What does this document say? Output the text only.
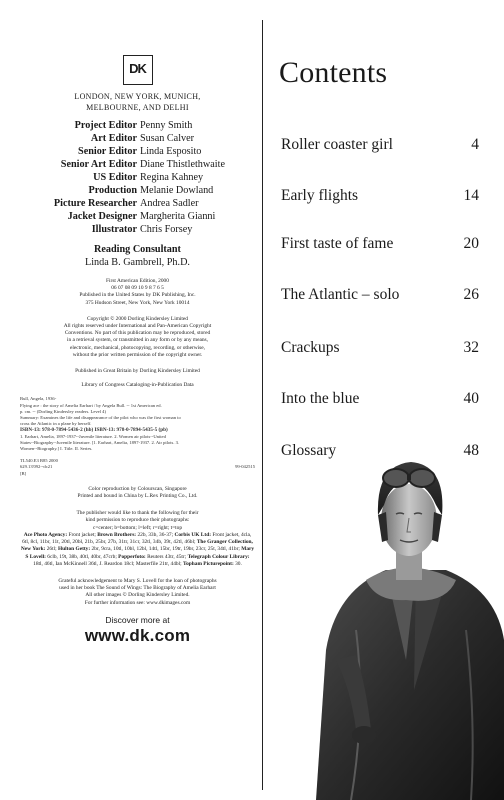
DK
LONDON, NEW YORK, MUNICH,
MELBOURNE, AND DELHI
Project Editor Penny Smith
Art Editor Susan Calver
Senior Editor Linda Esposito
Senior Art Editor Diane Thistlethwaite
US Editor Regina Kahney
Production Melanie Dowland
Picture Researcher Andrea Sadler
Jacket Designer Margherita Gianni
Illustrator Chris Forsey
Reading Consultant
Linda B. Gambrell, Ph.D.
First American Edition, 2000
06 07 08 09 10 9 8 7 6 5
Published in the United States by DK Publishing, Inc.
375 Hudson Street, New York, New York 10014
Copyright © 2000 Dorling Kindersley Limited
All rights reserved under International and Pan-American Copyright
Conventions. No part of this publication may be reproduced, stored
in a retrieval system, or transmitted in any form or by any means,
electronic, mechanical, photocopying, recording, or otherwise,
without the prior written permission of the copyright owner.
Published in Great Britain by Dorling Kindersley Limited
Library of Congress Cataloging-in-Publication Data
Bull, Angela, 1936-
Flying ace : the story of Amelia Earhart / by Angela Bull. -- 1st American ed.
p. cm. -- (Dorling Kindersley readers. Level 4)
Summary: Examines the life and disappearance of the pilot who was the first woman to
cross the Atlantic in a plane by herself.
ISBN-13: 978-0-7894-5436-2 (hb) ISBN-13: 978-0-7894-5435-5 (pb)
1. Earhart, Amelia, 1897-1937--Juvenile literature. 2. Women air pilots--United
States--Biography--Juvenile literature. [1. Earhart, Amelia, 1897-1937. 2. Air pilots. 3.
Women--Biography.] I. Title. II. Series.
TL540.E3 B85 2000
629.13'092--dc21
[B]
99-042515
Color reproduction by Colourscan, Singapore
Printed and bound in China by L.Rex Printing Co., Ltd.
The publisher would like to thank the following for their
kind permission to reproduce their photographs:
c=center; b=bottom; l=left; r=right; t=top
Ace Photo Agency: Front jacket; Brown Brothers: 22b, 33b, 36-37; Corbis UK Ltd: Front jacket, 4cla, 6tl, 8cl, 11br, 11t, 20tl, 20bl, 21b, 25br, 27b, 31tr, 31cr, 32tl, 34b, 39t, 42tl, 46bl; The Granger Collection, New York: 26tl; Hulton Getty: 2br, 9crа, 10tl, 10bl, 12bl, 14tl, 15br, 19tr, 19br, 23cr, 25t, 34tl, 41br; Mary S Lovell: 6clb, 19t, 38b, 40tl, 40br, 47crb; Popperfoto: Reuters 43tr, 45tr; Telegraph Colour Library: 18tl, 46tl, Ian McKinnell 36tl, J. Reardon 18cl; Masterfile 21tr, 44bl; Topham Picturepoint: 30.
Grateful acknowledgement to Mary S. Lovell for the loan of photographs
used in her book The Sound of Wings: The Biography of Amelia Earhart
All other images © Dorling Kindersley Limited.
For further information see: www.dkimages.com
Discover more at
www.dk.com
Contents
Roller coaster girl	4
Early flights	14
First taste of fame	20
The Atlantic – solo	26
Crackups	32
Into the blue	40
Glossary	48
